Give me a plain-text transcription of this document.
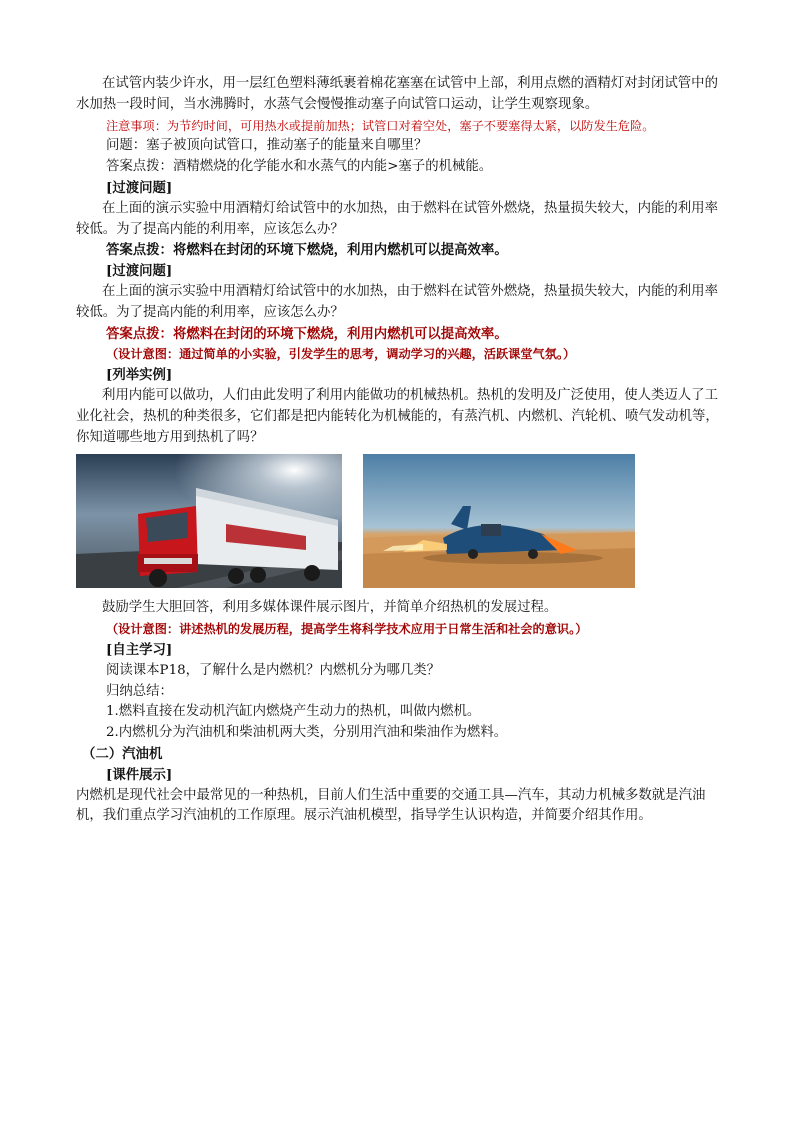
在试管内装少许水，用一层红色塑料薄纸裹着棉花塞塞在试管中上部，利用点燃的酒精灯对封闭试管中的水加热一段时间，当水沸腾时，水蒸气会慢慢推动塞子向试管口运动，让学生观察现象。

注意事项：为节约时间，可用热水或提前加热；试管口对着空处，塞子不要塞得太紧，以防发生危险。

问题：塞子被顶向试管口，推动塞子的能量来自哪里？

答案点拨：酒精燃烧的化学能水和水蒸气的内能>塞子的机械能。

[过渡问题]

在上面的演示实验中用酒精灯给试管中的水加热，由于燃料在试管外燃烧，热量损失较大，内能的利用率较低。为了提高内能的利用率，应该怎么办？

答案点拨：将燃料在封闭的环境下燃烧，利用内燃机可以提高效率。

[过渡问题]

在上面的演示实验中用酒精灯给试管中的水加热，由于燃料在试管外燃烧，热量损失较大，内能的利用率较低。为了提高内能的利用率，应该怎么办？

答案点拨：将燃料在封闭的环境下燃烧，利用内燃机可以提高效率。

（设计意图：通过简单的小实验，引发学生的思考，调动学习的兴趣，活跃课堂气氛。）

[列举实例]

利用内能可以做功，人们由此发明了利用内能做功的机械热机。热机的发明及广泛使用，使人类迈人了工业化社会，热机的种类很多，它们都是把内能转化为机械能的，有蒸汽机、内燃机、汽轮机、喷气发动机等，你知道哪些地方用到热机了吗？

鼓励学生大胆回答，利用多媒体课件展示图片，并简单介绍热机的发展过程。

（设计意图：讲述热机的发展历程，提高学生将科学技术应用于日常生活和社会的意识。）

[自主学习]

阅读课本P18，了解什么是内燃机？内燃机分为哪几类？

归纳总结：

1.燃料直接在发动机汽缸内燃烧产生动力的热机，叫做内燃机。

2.内燃机分为汽油机和柴油机两大类，分别用汽油和柴油作为燃料。

（二）汽油机

[课件展示]

内燃机是现代社会中最常见的一种热机，目前人们生活中重要的交通工具—汽车，其动力机械多数就是汽油机，我们重点学习汽油机的工作原理。展示汽油机模型，指导学生认识构造，并简要介绍其作用。
